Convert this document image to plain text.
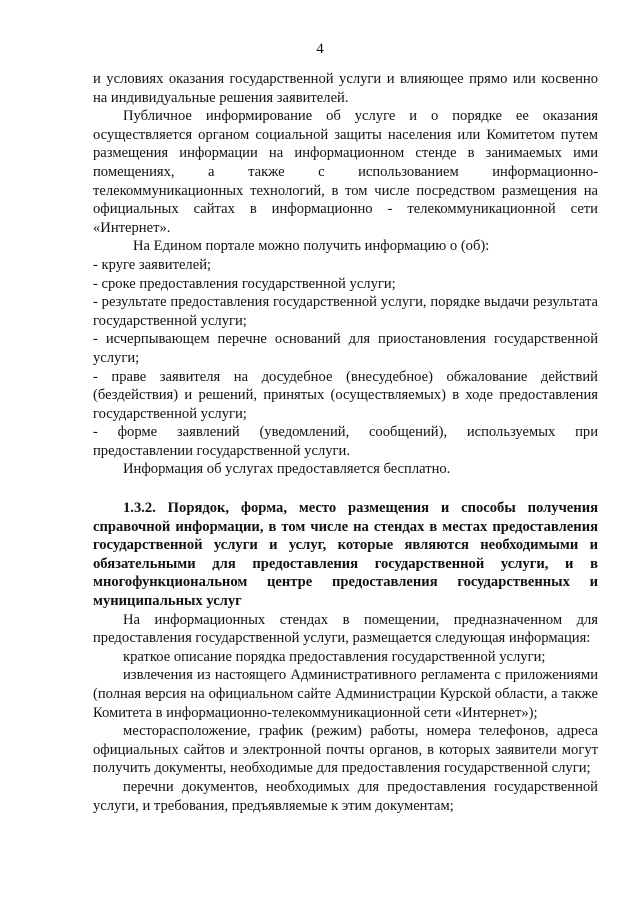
4

и условиях оказания государственной услуги и влияющее прямо или косвенно на индивидуальные решения заявителей.

Публичное информирование об услуге и о порядке ее оказания осуществляется органом социальной защиты населения или Комитетом путем размещения информации на информационном стенде в занимаемых ими помещениях, а также с использованием информационно-телекоммуникационных технологий, в том числе посредством размещения на официальных сайтах в информационно - телекоммуникационной сети «Интернет».

На Едином портале можно получить информацию о (об):

- круге заявителей;

- сроке предоставления государственной услуги;

- результате предоставления государственной услуги, порядке выдачи результата государственной услуги;

- исчерпывающем перечне оснований для приостановления государственной услуги;

- праве заявителя на досудебное (внесудебное) обжалование действий (бездействия) и решений, принятых (осуществляемых) в ходе предоставления государственной услуги;

- форме заявлений (уведомлений, сообщений), используемых при предоставлении государственной услуги.

Информация об услугах предоставляется бесплатно.

1.3.2. Порядок, форма, место размещения и способы получения справочной информации, в том числе на стендах в местах предоставления государственной услуги и услуг, которые являются необходимыми и обязательными для предоставления государственной услуги, и в многофункциональном центре предоставления государственных и муниципальных услуг

На информационных стендах в помещении, предназначенном для предоставления государственной услуги, размещается следующая информация:

краткое описание порядка предоставления государственной услуги;

извлечения из настоящего Административного регламента с приложениями (полная версия на официальном сайте Администрации Курской области, а также Комитета в информационно-телекоммуникационной сети «Интернет»);

месторасположение, график (режим) работы, номера телефонов, адреса официальных сайтов и электронной почты органов, в которых заявители могут получить документы, необходимые для предоставления государственной слуги;

перечни документов, необходимых для предоставления государственной услуги, и требования, предъявляемые к этим документам;
